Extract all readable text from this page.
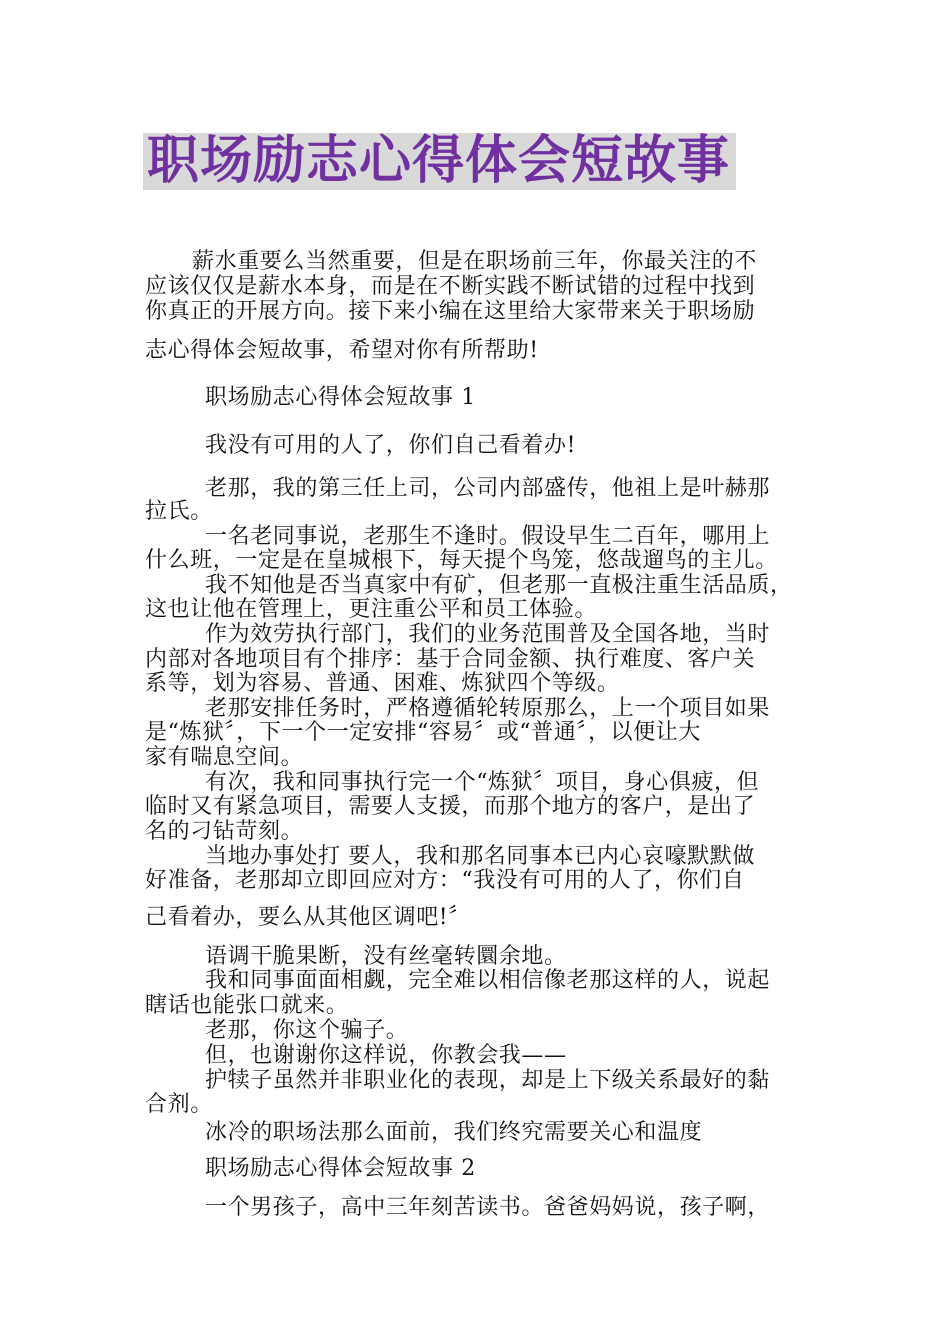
职场励志心得体会短故事
薪水重要么当然重要，但是在职场前三年，你最关注的不
应该仅仅是薪水本身，而是在不断实践不断试错的过程中找到
你真正的开展方向。接下来小编在这里给大家带来关于职场励
志心得体会短故事，希望对你有所帮助!
职场励志心得体会短故事 1
我没有可用的人了，你们自己看着办!
老那，我的第三任上司，公司内部盛传，他祖上是叶赫那
拉氏。
一名老同事说，老那生不逢时。假设早生二百年，哪用上
什么班，一定是在皇城根下，每天提个鸟笼，悠哉遛鸟的主儿。
我不知他是否当真家中有矿，但老那一直极注重生活品质，
这也让他在管理上，更注重公平和员工体验。
作为效劳执行部门，我们的业务范围普及全国各地，当时
内部对各地项目有个排序：基于合同金额、执行难度、客户关
系等，划为容易、普通、困难、炼狱四个等级。
老那安排任务时，严格遵循轮转原那么，上一个项目如果
是“炼狱〞，下一个一定安排“容易〞或“普通〞，以便让大
家有喘息空间。
有次，我和同事执行完一个“炼狱〞项目，身心俱疲，但
临时又有紧急项目，需要人支援，而那个地方的客户，是出了
名的刁钻苛刻。
当地办事处打 要人，我和那名同事本已内心哀嚎默默做
好准备，老那却立即回应对方：“我没有可用的人了，你们自
己看着办，要么从其他区调吧!〞
语调干脆果断，没有丝毫转圜余地。
我和同事面面相觑，完全难以相信像老那这样的人，说起
瞎话也能张口就来。
老那，你这个骗子。
但，也谢谢你这样说，你教会我——
护犊子虽然并非职业化的表现，却是上下级关系最好的黏
合剂。
冰冷的职场法那么面前，我们终究需要关心和温度
职场励志心得体会短故事 2
一个男孩子，高中三年刻苦读书。爸爸妈妈说，孩子啊，
